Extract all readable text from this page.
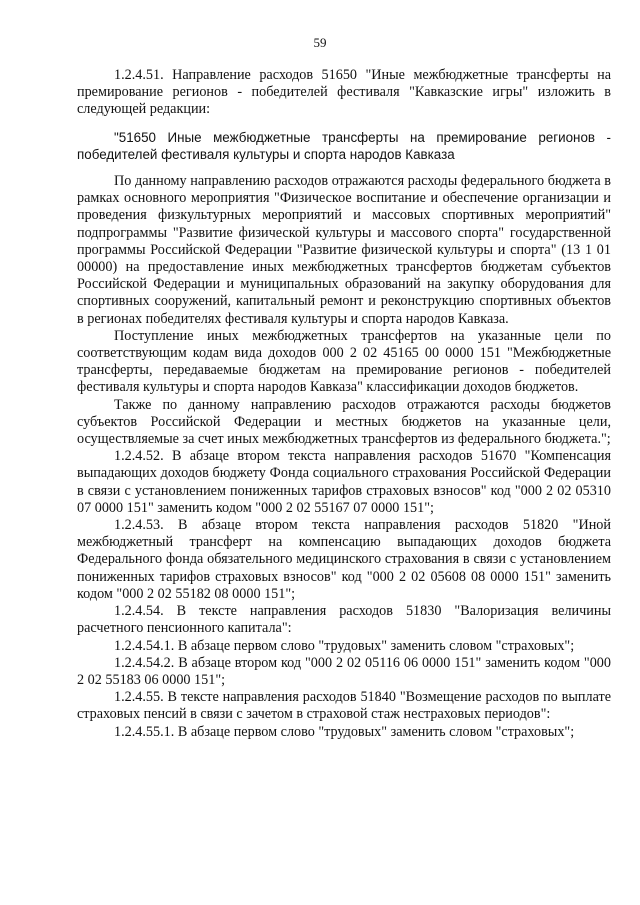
59

1.2.4.51. Направление расходов 51650 "Иные межбюджетные трансферты на премирование регионов - победителей фестиваля "Кавказские игры" изложить в следующей редакции:

"51650 Иные межбюджетные трансферты на премирование регионов - победителей фестиваля культуры и спорта народов Кавказа

По данному направлению расходов отражаются расходы федерального бюджета в рамках основного мероприятия "Физическое воспитание и обеспечение организации и проведения физкультурных мероприятий и массовых спортивных мероприятий" подпрограммы "Развитие физической культуры и массового спорта" государственной программы Российской Федерации "Развитие физической культуры и спорта" (13 1 01 00000) на предоставление иных межбюджетных трансфертов бюджетам субъектов Российской Федерации и муниципальных образований на закупку оборудования для спортивных сооружений, капитальный ремонт и реконструкцию спортивных объектов в регионах победителях фестиваля культуры и спорта народов Кавказа.

Поступление иных межбюджетных трансфертов на указанные цели по соответствующим кодам вида доходов 000 2 02 45165 00 0000 151 "Межбюджетные трансферты, передаваемые бюджетам на премирование регионов - победителей фестиваля культуры и спорта народов Кавказа" классификации доходов бюджетов.

Также по данному направлению расходов отражаются расходы бюджетов субъектов Российской Федерации и местных бюджетов на указанные цели, осуществляемые за счет иных межбюджетных трансфертов из федерального бюджета.";

1.2.4.52. В абзаце втором текста направления расходов 51670 "Компенсация выпадающих доходов бюджету Фонда социального страхования Российской Федерации в связи с установлением пониженных тарифов страховых взносов" код "000 2 02 05310 07 0000 151" заменить кодом "000 2 02 55167 07 0000 151";

1.2.4.53. В абзаце втором текста направления расходов 51820 "Иной межбюджетный трансферт на компенсацию выпадающих доходов бюджета Федерального фонда обязательного медицинского страхования в связи с установлением пониженных тарифов страховых взносов" код "000 2 02 05608 08 0000 151" заменить кодом "000 2 02 55182 08 0000 151";

1.2.4.54. В тексте направления расходов 51830 "Валоризация величины расчетного пенсионного капитала":

1.2.4.54.1. В абзаце первом слово "трудовых" заменить словом "страховых";

1.2.4.54.2. В абзаце втором код "000 2 02 05116 06 0000 151" заменить кодом "000 2 02 55183 06 0000 151";

1.2.4.55. В тексте направления расходов 51840 "Возмещение расходов по выплате страховых пенсий в связи с зачетом в страховой стаж нестраховых периодов":

1.2.4.55.1. В абзаце первом слово "трудовых" заменить словом "страховых";
